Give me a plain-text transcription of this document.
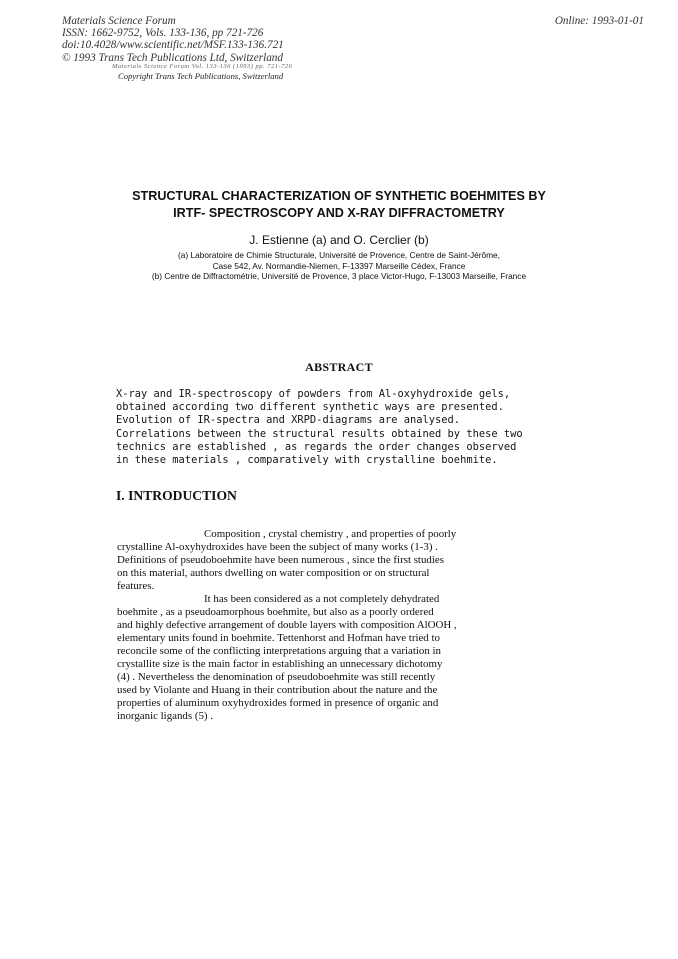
Materials Science Forum
ISSN: 1662-9752, Vols. 133-136, pp 721-726
doi:10.4028/www.scientific.net/MSF.133-136.721
© 1993 Trans Tech Publications Ltd, Switzerland
Online: 1993-01-01
Materials Science Forum Vol. 133-136 (1993) pp. 721-726
Copyright Trans Tech Publications, Switzerland
STRUCTURAL CHARACTERIZATION OF SYNTHETIC BOEHMITES BY
IRTF- SPECTROSCOPY AND X-RAY DIFFRACTOMETRY
J. Estienne (a) and O. Cerclier (b)
(a) Laboratoire de Chimie Structurale, Université de Provence, Centre de Saint-Jérôme,
Case 542, Av. Normandie-Niemen, F-13397 Marseille Cédex, France
(b) Centre de Diffractométrie, Université de Provence, 3 place Victor-Hugo, F-13003 Marseille, France
ABSTRACT
X-ray and IR-spectroscopy of powders from Al-oxyhydroxide gels,
obtained according two different synthetic ways are presented.
Evolution of IR-spectra and XRPD-diagrams are analysed.
Correlations between the structural results obtained by these two
technics are established , as regards the order changes observed
in these materials , comparatively with crystalline boehmite.
I. INTRODUCTION
Composition , crystal chemistry , and properties of poorly
crystalline Al-oxyhydroxides have been the subject of many works (1-3) .
Definitions of pseudoboehmite have been numerous , since the first studies
on this material, authors dwelling on water composition or on structural
features.
It has been considered as a not completely dehydrated
boehmite , as a pseudoamorphous boehmite, but also as a poorly ordered
and highly defective arrangement of double layers with composition AlOOH ,
elementary units found in boehmite. Tettenhorst and Hofman have tried to
reconcile some of the conflicting interpretations arguing that a variation in
crystallite size is the main factor in establishing an unnecessary dichotomy
(4) . Nevertheless the denomination of pseudoboehmite was still recently
used by Violante and Huang in their contribution about the nature and the
properties of aluminum oxyhydroxides formed in presence of organic and
inorganic ligands (5) .
